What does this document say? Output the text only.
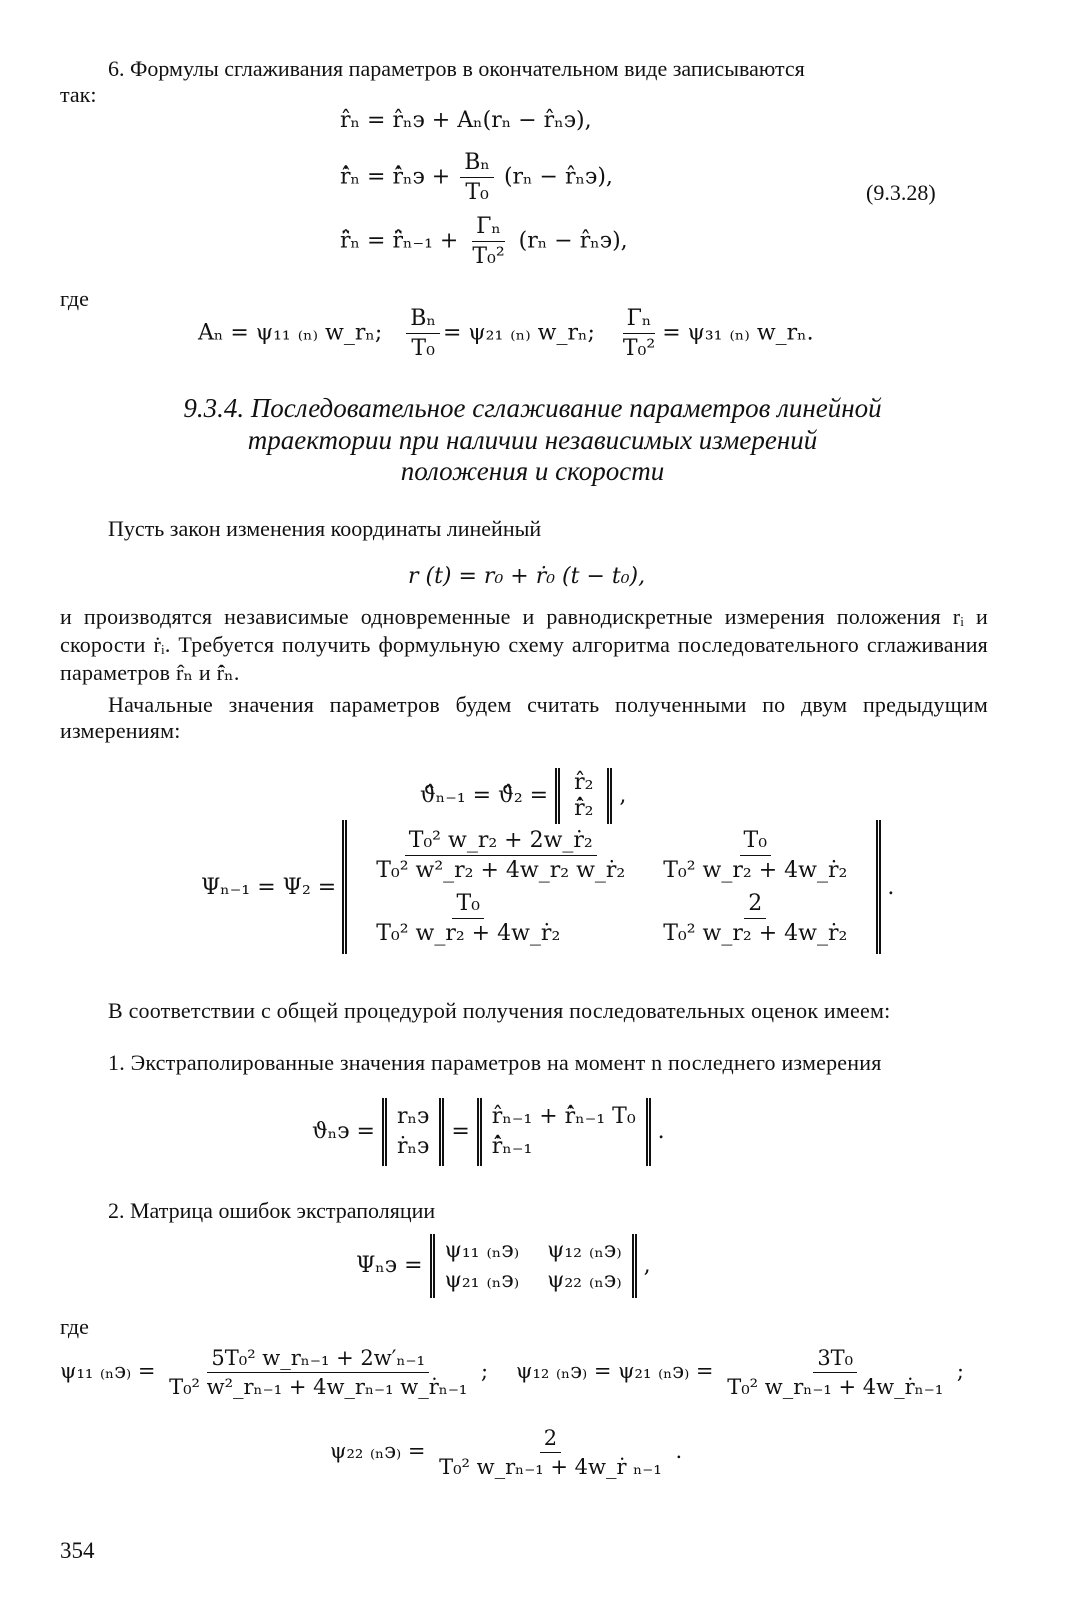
6. Формулы сглаживания параметров в окончательном виде записываются
так:
r̂ₙ = r̂ₙэ + Aₙ(rₙ − r̂ₙэ),
r̂̇ₙ = r̂̇ₙэ + $\frac{\text{Bₙ}}{\text{T₀}} (r_n$ − r̂ₙэ),
r̂̈ₙ = r̂̈ₙ₋₁ + $\frac{\text{Γₙ}}{\text{T₀²}} (r_n$ − r̂ₙэ),
(9.3.28)
где
Aₙ = ψ₁₁ ₍ₙ₎ w_rₙ; $\frac{\text{Bₙ}}{\text{T₀}} = \psi_{21}$ ₍ₙ₎ w_rₙ; $\frac{\text{Γₙ}}{\text{T₀²}} = \psi_{31}$ ₍ₙ₎ w_rₙ.
9.3.4. Последовательное сглаживание параметров линейной
траектории при наличии независимых измерений
положения и скорости
Пусть закон изменения координаты линейный
r (t) = r₀ + ṙ₀ (t − t₀),
и производятся независимые одновременные и равнодискретные измерения положения rᵢ и скорости ṙᵢ. Требуется получить формульную схему алгоритма последовательного сглаживания параметров r̂ₙ и r̂̇ₙ.
Начальные значения параметров будем считать полученными по двум предыдущим измерениям:
ϑ̂ₙ₋₁ = ϑ̂₂ =
r̂₂
r̂̇₂
,
Ψₙ₋₁ = Ψ₂ =	
$\frac{\text{T₀² w\_r₂ + 2w\_ṙ₂}}{\text{T₀² w²\_r₂ + 4w\_r₂ w\_ṙ₂}}$	$\frac{\text{T₀}}{\text{T₀² w\_r₂ + 4w\_ṙ₂}}$

$\frac{\text{T₀}}{\text{T₀² w\_r₂ + 4w\_ṙ₂}}$	$\frac{2}{\text{T₀² w\_r₂ + 4w\_ṙ₂}}$
	.
В соответствии с общей процедурой получения последовательных оценок имеем:
1. Экстраполированные значения параметров на момент n последнего измерения
ϑₙэ =
rₙэ
ṙₙэ
=
r̂ₙ₋₁ + r̂̇ₙ₋₁ T₀
r̂̇ₙ₋₁
.
2. Матрица ошибок экстраполяции
Ψₙэ =
ψ₁₁ ₍ₙэ₎ ψ₁₂ ₍ₙэ₎
ψ₂₁ ₍ₙэ₎ ψ₂₂ ₍ₙэ₎
,
где
ψ₁₁ $_{(n}э_) = \frac{\text{5T₀² w\_rₙ₋₁ + 2w′ₙ₋₁}}{\text{T₀² w²\_rₙ₋₁ + 4w\_rₙ₋₁ w\_ṙₙ₋₁}}$ ; ψ₁₂ ₍ₙэ₎ = ψ₂₁ $_{(n}э_) = \frac{\text{3T₀}}{\text{T₀² w\_rₙ₋₁ + 4w\_ṙₙ₋₁}}$ ;
ψ₂₂ $_{(n}э_) = \frac{2}{\text{T₀² w\_rₙ₋₁ + 4w\_ṙ ₙ₋₁}}$ .
354
